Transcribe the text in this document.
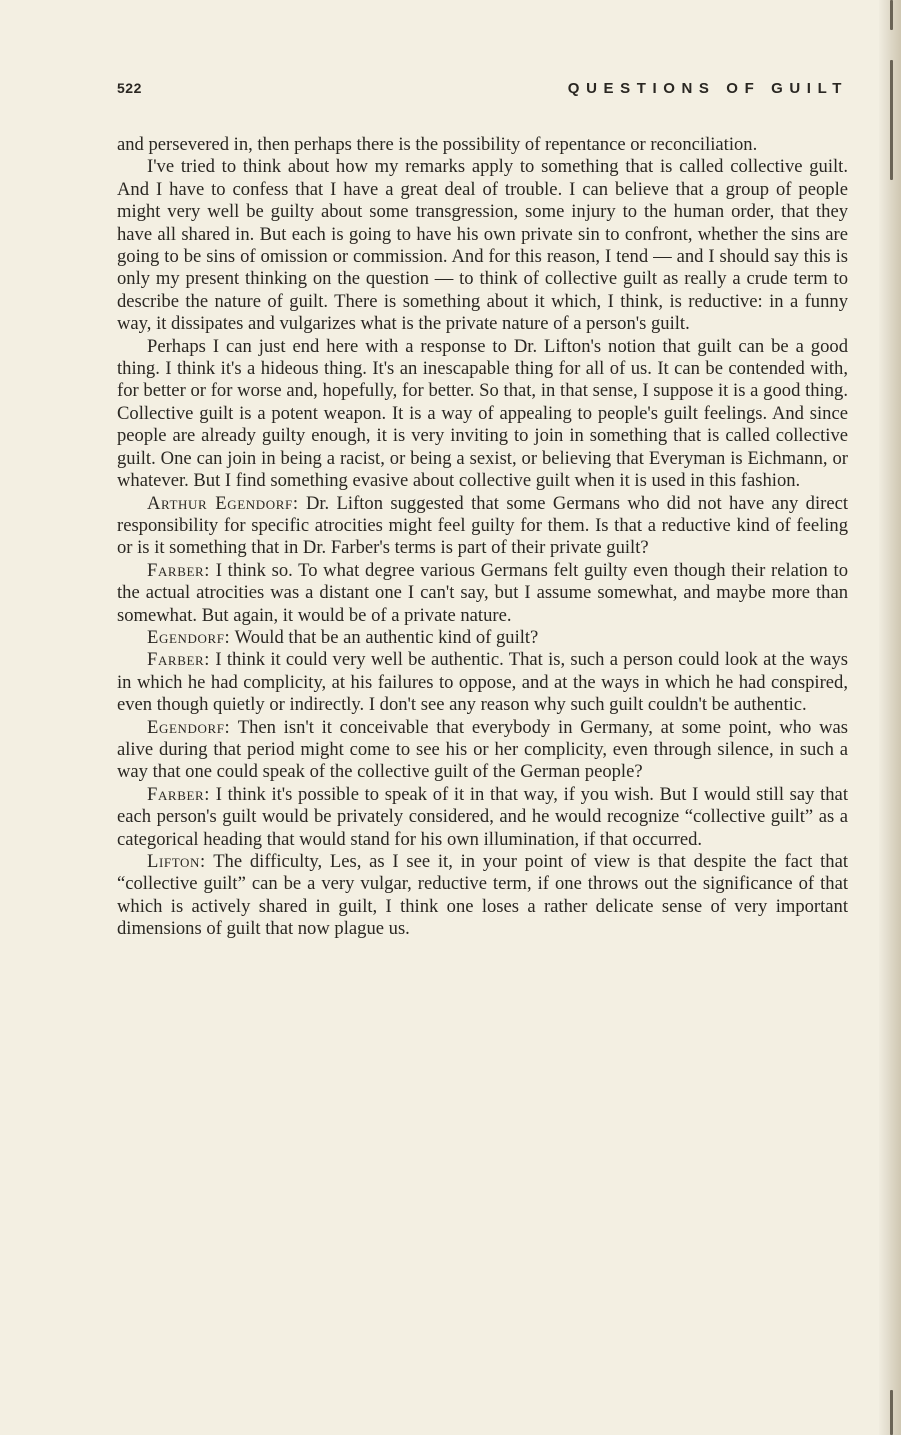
522	QUESTIONS OF GUILT

and persevered in, then perhaps there is the possibility of repentance or reconciliation.

I've tried to think about how my remarks apply to something that is called collective guilt. And I have to confess that I have a great deal of trouble. I can believe that a group of people might very well be guilty about some transgression, some injury to the human order, that they have all shared in. But each is going to have his own private sin to confront, whether the sins are going to be sins of omission or commission. And for this reason, I tend — and I should say this is only my present thinking on the question — to think of collective guilt as really a crude term to describe the nature of guilt. There is something about it which, I think, is reductive: in a funny way, it dissipates and vulgarizes what is the private nature of a person's guilt.

Perhaps I can just end here with a response to Dr. Lifton's notion that guilt can be a good thing. I think it's a hideous thing. It's an inescapable thing for all of us. It can be contended with, for better or for worse and, hopefully, for better. So that, in that sense, I suppose it is a good thing. Collective guilt is a potent weapon. It is a way of appealing to people's guilt feelings. And since people are already guilty enough, it is very inviting to join in something that is called collective guilt. One can join in being a racist, or being a sexist, or believing that Everyman is Eichmann, or whatever. But I find something evasive about collective guilt when it is used in this fashion.

Arthur Egendorf: Dr. Lifton suggested that some Germans who did not have any direct responsibility for specific atrocities might feel guilty for them. Is that a reductive kind of feeling or is it something that in Dr. Farber's terms is part of their private guilt?

Farber: I think so. To what degree various Germans felt guilty even though their relation to the actual atrocities was a distant one I can't say, but I assume somewhat, and maybe more than somewhat. But again, it would be of a private nature.

Egendorf: Would that be an authentic kind of guilt?

Farber: I think it could very well be authentic. That is, such a person could look at the ways in which he had complicity, at his failures to oppose, and at the ways in which he had conspired, even though quietly or indirectly. I don't see any reason why such guilt couldn't be authentic.

Egendorf: Then isn't it conceivable that everybody in Germany, at some point, who was alive during that period might come to see his or her complicity, even through silence, in such a way that one could speak of the collective guilt of the German people?

Farber: I think it's possible to speak of it in that way, if you wish. But I would still say that each person's guilt would be privately considered, and he would recognize “collective guilt” as a categorical heading that would stand for his own illumination, if that occurred.

Lifton: The difficulty, Les, as I see it, in your point of view is that despite the fact that “collective guilt” can be a very vulgar, reductive term, if one throws out the significance of that which is actively shared in guilt, I think one loses a rather delicate sense of very important dimensions of guilt that now plague us.
